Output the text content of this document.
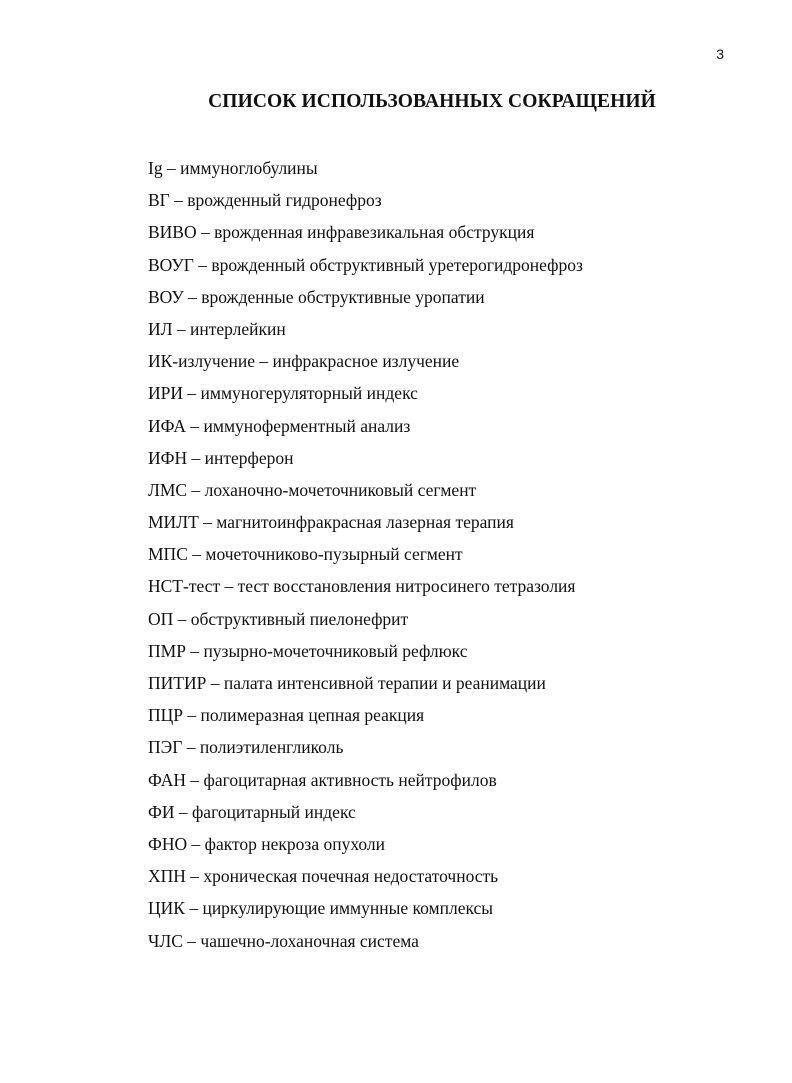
3
СПИСОК ИСПОЛЬЗОВАННЫХ СОКРАЩЕНИЙ
Ig – иммуноглобулины
ВГ – врожденный гидронефроз
ВИВО – врожденная инфравезикальная обструкция
ВОУГ – врожденный обструктивный уретерогидронефроз
ВОУ – врожденные обструктивные уропатии
ИЛ – интерлейкин
ИК-излучение – инфракрасное излучение
ИРИ – иммуногеруляторный индекс
ИФА – иммуноферментный анализ
ИФН – интерферон
ЛМС – лоханочно-мочеточниковый сегмент
МИЛТ – магнитоинфракрасная лазерная терапия
МПС – мочеточниково-пузырный сегмент
НСТ-тест – тест восстановления нитросинего тетразолия
ОП – обструктивный пиелонефрит
ПМР – пузырно-мочеточниковый рефлюкс
ПИТИР – палата интенсивной терапии и реанимации
ПЦР – полимеразная цепная реакция
ПЭГ – полиэтиленгликоль
ФАН – фагоцитарная активность нейтрофилов
ФИ – фагоцитарный индекс
ФНО – фактор некроза опухоли
ХПН – хроническая почечная недостаточность
ЦИК – циркулирующие иммунные комплексы
ЧЛС – чашечно-лоханочная система
